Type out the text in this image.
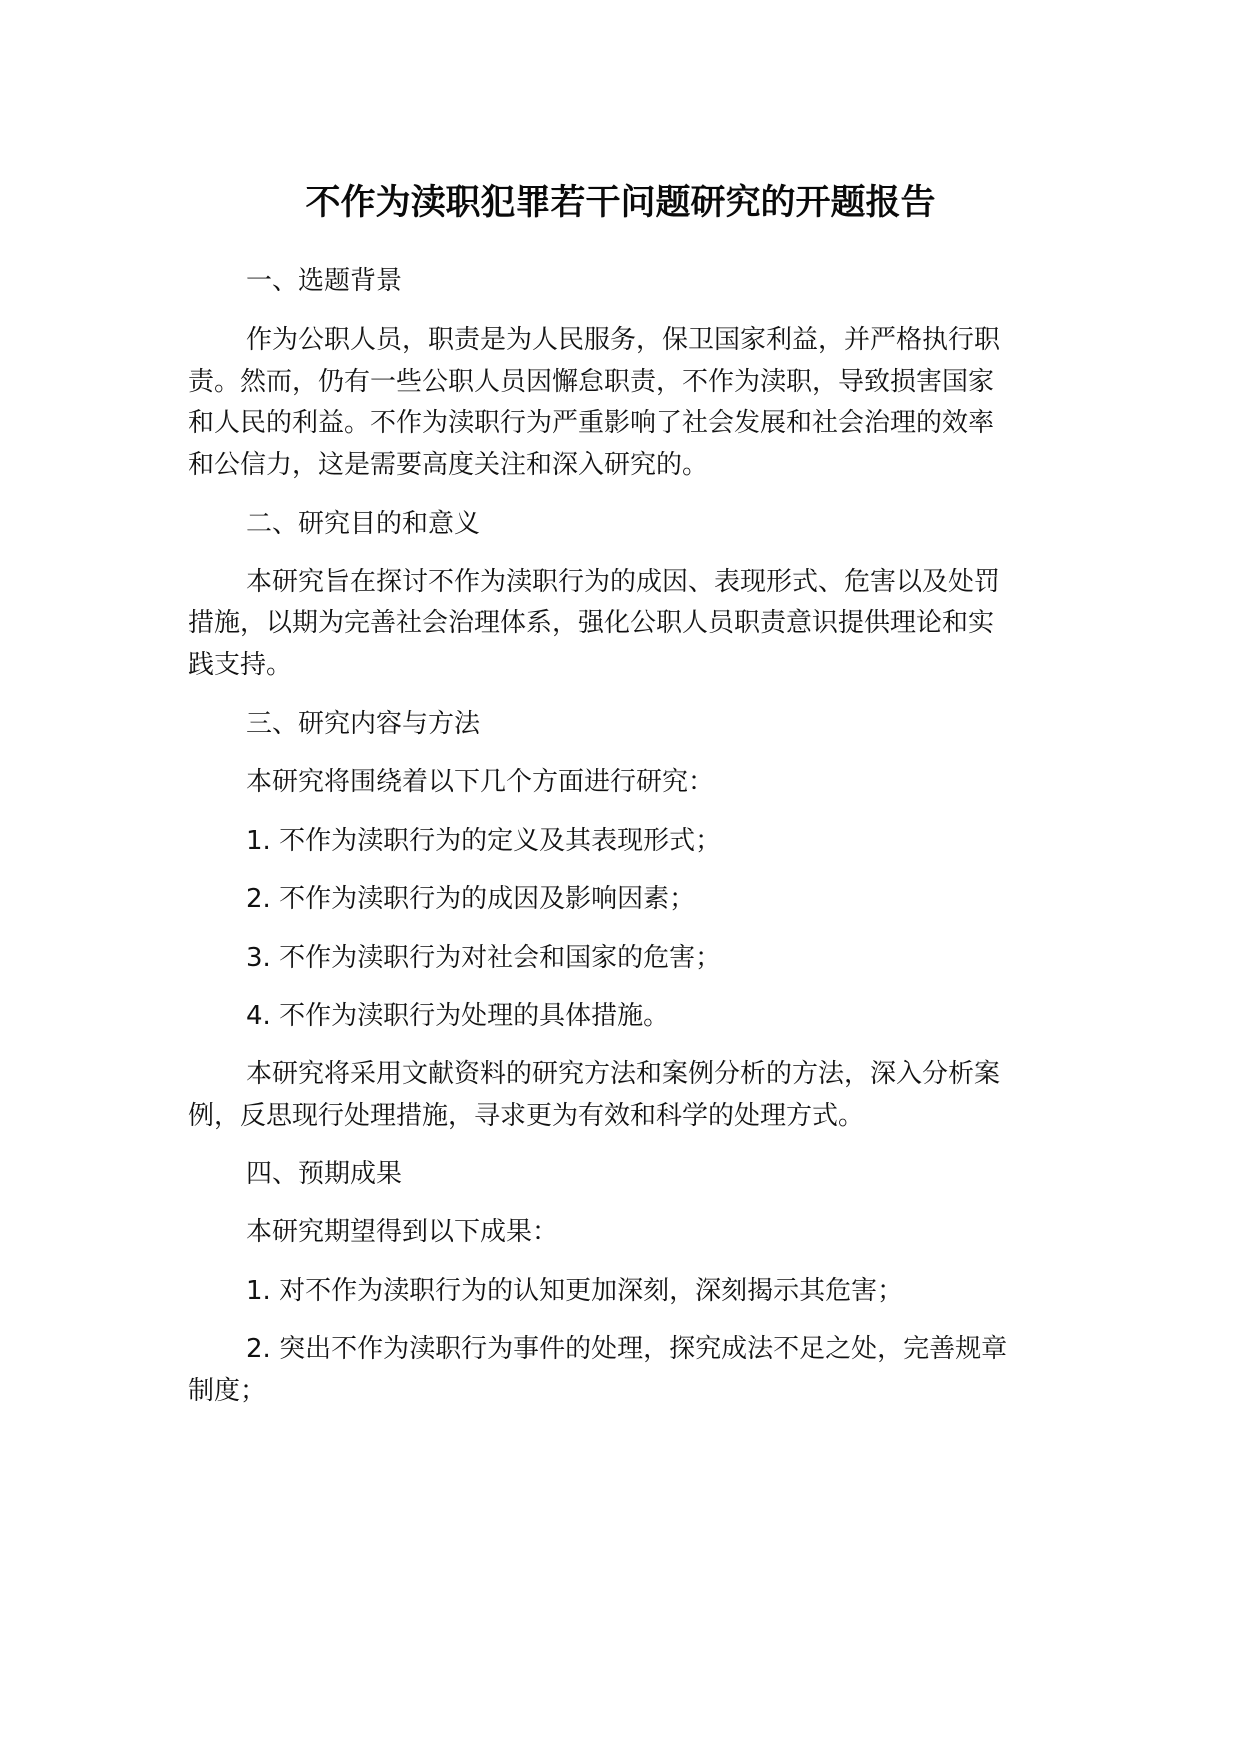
不作为渎职犯罪若干问题研究的开题报告
一、选题背景
作为公职人员，职责是为人民服务，保卫国家利益，并严格执行职
责。然而，仍有一些公职人员因懈怠职责，不作为渎职，导致损害国家
和人民的利益。不作为渎职行为严重影响了社会发展和社会治理的效率
和公信力，这是需要高度关注和深入研究的。
二、研究目的和意义
本研究旨在探讨不作为渎职行为的成因、表现形式、危害以及处罚
措施，以期为完善社会治理体系，强化公职人员职责意识提供理论和实
践支持。
三、研究内容与方法
本研究将围绕着以下几个方面进行研究：
1. 不作为渎职行为的定义及其表现形式；
2. 不作为渎职行为的成因及影响因素；
3. 不作为渎职行为对社会和国家的危害；
4. 不作为渎职行为处理的具体措施。
本研究将采用文献资料的研究方法和案例分析的方法，深入分析案
例，反思现行处理措施，寻求更为有效和科学的处理方式。
四、预期成果
本研究期望得到以下成果：
1. 对不作为渎职行为的认知更加深刻，深刻揭示其危害；
2. 突出不作为渎职行为事件的处理，探究成法不足之处，完善规章
制度；
